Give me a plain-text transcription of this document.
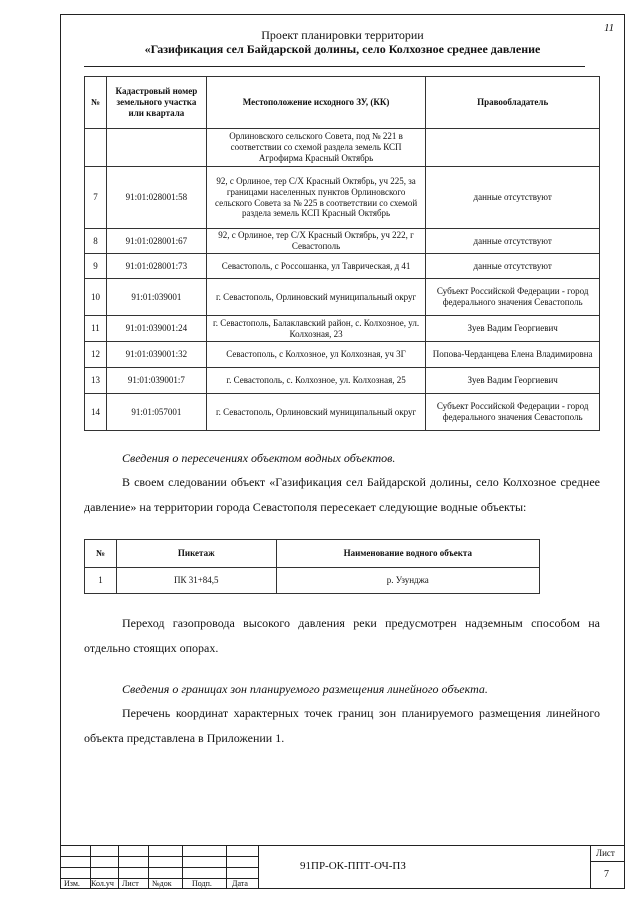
11
Проект планировки территории
«Газификация сел Байдарской долины, село Колхозное среднее давление
№	Кадастровый номер земельного участка или квартала	Местоположение исходного ЗУ, (КК)	Правообладатель
		Орлиновского сельского Совета, под № 221 в соответствии со схемой раздела земель КСП Агрофирма Красный Октябрь	
7	91:01:028001:58	92, с Орлиное, тер С/Х Красный Октябрь, уч 225, за границами населенных пунктов Орлиновского сельского Совета за № 225 в соответствии со схемой раздела земель КСП Красный Октябрь	данные отсутствуют
8	91:01:028001:67	92, с Орлиное, тер С/Х Красный Октябрь, уч 222, г Севастополь	данные отсутствуют
9	91:01:028001:73	Севастополь, с Россошанка, ул Таврическая, д 41	данные отсутствуют
10	91:01:039001	г. Севастополь, Орлиновский муниципальный округ	Субъект Российской Федерации - город федерального значения Севастополь
11	91:01:039001:24	г. Севастополь, Балаклавский район, с. Колхозное, ул. Колхозная, 23	Зуев Вадим Георгиевич
12	91:01:039001:32	Севастополь, с Колхозное, ул Колхозная, уч 3Г	Попова-Черданцева Елена Владимировна
13	91:01:039001:7	г. Севастополь, с. Колхозное, ул. Колхозная, 25	Зуев Вадим Георгиевич
14	91:01:057001	г. Севастополь, Орлиновский муниципальный округ	Субъект Российской Федерации - город федерального значения Севастополь
Сведения о пересечениях объектом водных объектов.
В своем следовании объект «Газификация сел Байдарской долины, село Колхозное среднее давление» на территории города Севастополя пересекает следующие водные объекты:
№	Пикетаж	Наименование водного объекта
1	ПК 31+84,5	р. Узунджа
Переход газопровода высокого давления реки предусмотрен надземным способом на отдельно стоящих опорах.
Сведения о границах зон планируемого размещения линейного объекта.
Перечень координат характерных точек границ зон планируемого размещения линейного объекта представлена в Приложении 1.
Изм. Кол.уч Лист №док	Подп.	Дата
91ПР-ОК-ППТ-ОЧ-ПЗ
Лист
7
